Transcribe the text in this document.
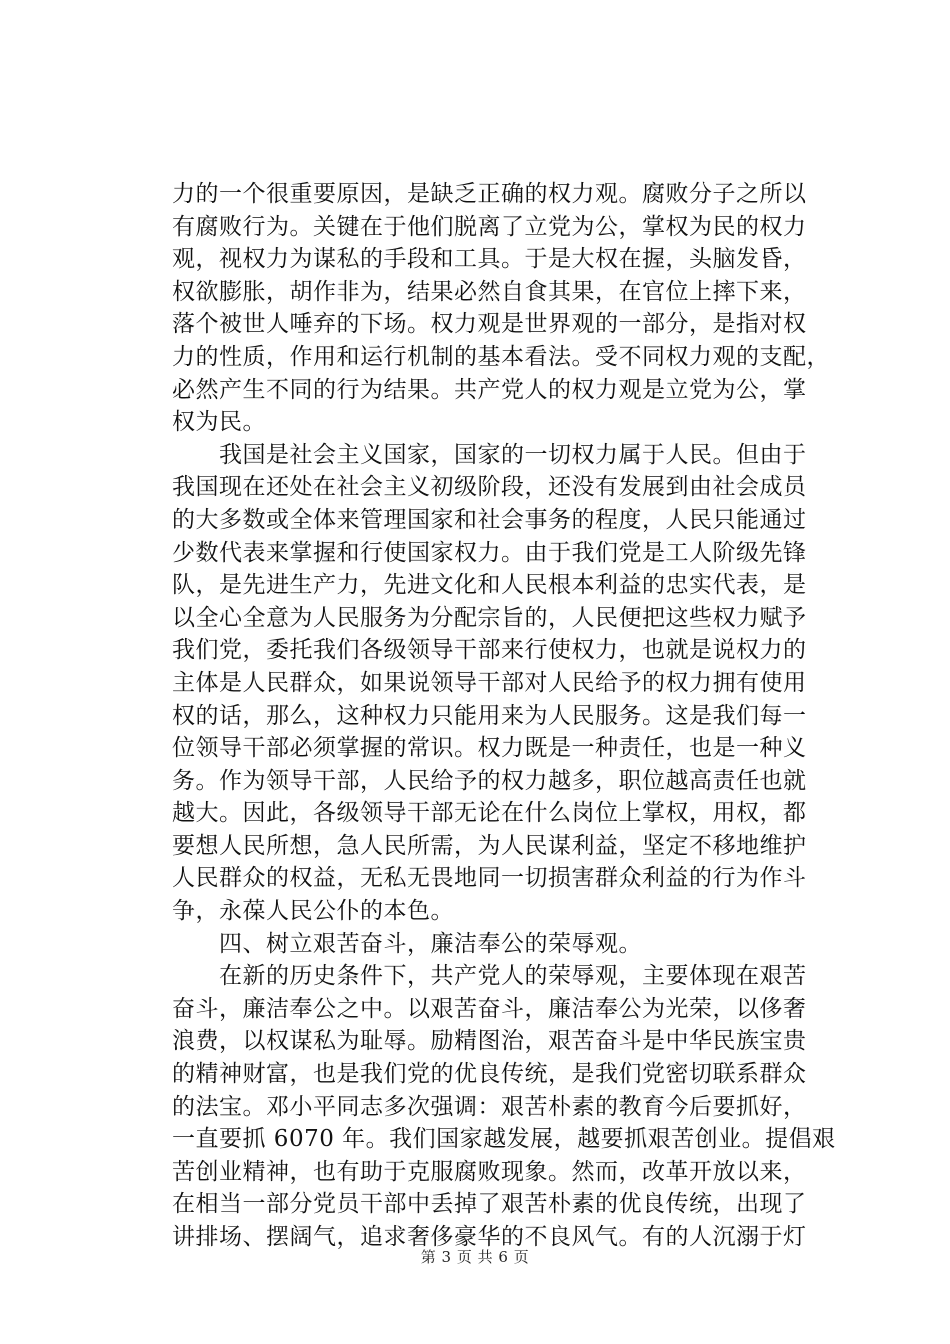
力的一个很重要原因，是缺乏正确的权力观。腐败分子之所以
有腐败行为。关键在于他们脱离了立党为公，掌权为民的权力
观，视权力为谋私的手段和工具。于是大权在握，头脑发昏，
权欲膨胀，胡作非为，结果必然自食其果，在官位上摔下来，
落个被世人唾弃的下场。权力观是世界观的一部分，是指对权
力的性质，作用和运行机制的基本看法。受不同权力观的支配，
必然产生不同的行为结果。共产党人的权力观是立党为公，掌
权为民。
　　我国是社会主义国家，国家的一切权力属于人民。但由于
我国现在还处在社会主义初级阶段，还没有发展到由社会成员
的大多数或全体来管理国家和社会事务的程度，人民只能通过
少数代表来掌握和行使国家权力。由于我们党是工人阶级先锋
队，是先进生产力，先进文化和人民根本利益的忠实代表，是
以全心全意为人民服务为分配宗旨的，人民便把这些权力赋予
我们党，委托我们各级领导干部来行使权力，也就是说权力的
主体是人民群众，如果说领导干部对人民给予的权力拥有使用
权的话，那么，这种权力只能用来为人民服务。这是我们每一
位领导干部必须掌握的常识。权力既是一种责任，也是一种义
务。作为领导干部，人民给予的权力越多，职位越高责任也就
越大。因此，各级领导干部无论在什么岗位上掌权，用权，都
要想人民所想，急人民所需，为人民谋利益，坚定不移地维护
人民群众的权益，无私无畏地同一切损害群众利益的行为作斗
争，永葆人民公仆的本色。
　　四、树立艰苦奋斗，廉洁奉公的荣辱观。
　　在新的历史条件下，共产党人的荣辱观，主要体现在艰苦
奋斗，廉洁奉公之中。以艰苦奋斗，廉洁奉公为光荣，以侈奢
浪费，以权谋私为耻辱。励精图治，艰苦奋斗是中华民族宝贵
的精神财富，也是我们党的优良传统，是我们党密切联系群众
的法宝。邓小平同志多次强调：艰苦朴素的教育今后要抓好，
一直要抓 6070 年。我们国家越发展，越要抓艰苦创业。提倡艰
苦创业精神，也有助于克服腐败现象。然而，改革开放以来，
在相当一部分党员干部中丢掉了艰苦朴素的优良传统，出现了
讲排场、摆阔气，追求奢侈豪华的不良风气。有的人沉溺于灯
第 3 页 共 6 页
